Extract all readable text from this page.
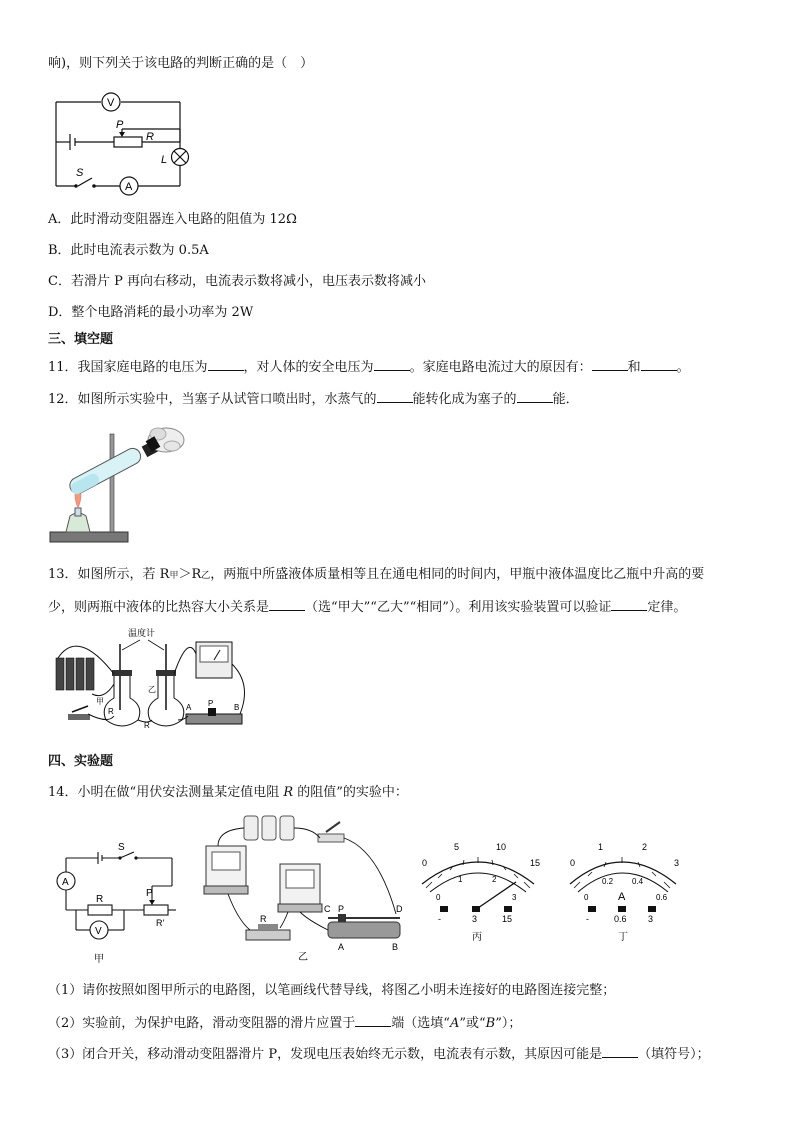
响)，则下列关于该电路的判断正确的是（　）
V
P
R
L
S
A
A．此时滑动变阻器连入电路的阻值为 12Ω
B．此时电流表示数为 0.5A
C．若滑片 P 再向右移动，电流表示数将减小，电压表示数将减小
D．整个电路消耗的最小功率为 2W
三、填空题
11．我国家庭电路的电压为	，对人体的安全电压为	。家庭电路电流过大的原因有：	和	。
12．如图所示实验中，当塞子从试管口喷出时，水蒸气的	能转化成为塞子的	能．
13．如图所示，若 R甲＞R乙，两瓶中所盛液体质量相等且在通电相同的时间内，甲瓶中液体温度比乙瓶中升高的要
少，则两瓶中液体的比热容大小关系是	（选“甲大”“乙大”“相同”）。利用该实验装置可以验证	定律。
温度计
甲
乙
R
R
A P	B
四、实验题
14．小明在做“用伏安法测量某定值电阻 R 的阻值”的实验中：
S
A
V
R
P
R'
甲
R
C P	D
A	B
乙
0
5	10
15
0
1	2
3
-	3	15
丙
0
1	2
3
0
0.2 0.4
0.6
A
-	0.6 3
丁
（1）请你按照如图甲所示的电路图，以笔画线代替导线，将图乙小明未连接好的电路图连接完整；
（2）实验前，为保护电路，滑动变阻器的滑片应置于	端（选填“A”或“B”）；
（3）闭合开关，移动滑动变阻器滑片 P，发现电压表始终无示数，电流表有示数，其原因可能是	（填符号）；
